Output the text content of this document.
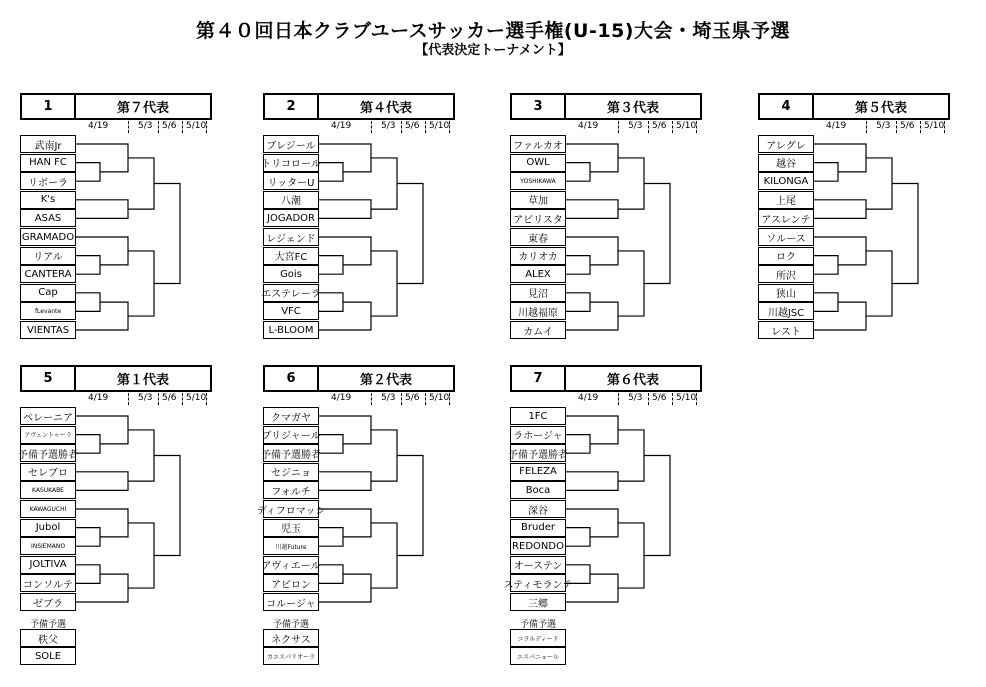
第４０回日本クラブユースサッカー選手権(U-15)大会・埼玉県予選
【代表決定トーナメント】
1	第７代表
4/19	5/3 5/6 5/10
武南Jr
HAN FC
リボーラ
K's
ASAS
GRAMADO
リアル
CANTERA
Cap
fLevante
VIENTAS
2	第４代表
4/19	5/3 5/6 5/10
ブレジール
トリコロール
リッターU
八潮
JOGADOR
レジェンド
大宮FC
Gois
エステレーラ
VFC
L-BLOOM
3	第３代表
4/19	5/3 5/6 5/10
ファルカオ
OWL
YOSHIKAWA
草加
アビリスタ
東春
カリオカ
ALEX
見沼
川越福原
カムイ
4	第５代表
4/19	5/3 5/6 5/10
アレグレ
越谷
KILONGA
上尾
アスレンテ
ソルース
ロク
所沢
狭山
川越JSC
レスト
5	第１代表
4/19	5/3 5/6 5/10
ペレーニア
アヴェントゥーラ
予備予選勝者
セレブロ
KASUKABE
KAWAGUCHI
Jubol
INSIEMANO
JOLTIVA
コンソルテ
ゼブラ
予備予選
秩父
SOLE
6	第２代表
4/19	5/3 5/6 5/10
クマガヤ
ブリジャール
予備予選勝者
セジニョ
フォルチ
ディフロマッシ
児玉
川越Future
アヴィエール
アビロン
コルージャ
予備予選
ネクサス
カエスパリオーラ
7	第６代表
4/19	5/3 5/6 5/10
1FC
ラホージャ
予備予選勝者
FELEZA
Boca
深谷
Bruder
REDONDO
オーステン
スティモランテ
三郷
予備予選
コラルディード
エスパニョール
